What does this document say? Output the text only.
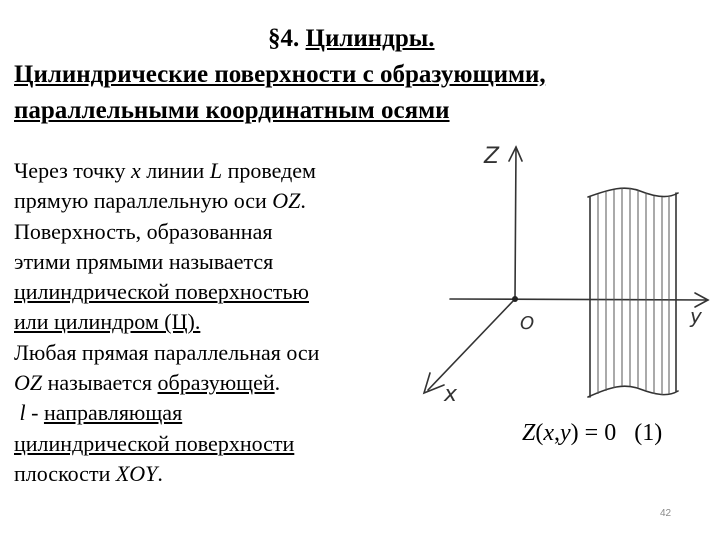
§4. Цилиндры.
Цилиндрические поверхности с образующими,
параллельными координатным осями

Через точку x линии L проведем

прямую параллельную оси OZ.

Поверхность, образованная

этими прямыми называется

цилиндрической поверхностью

или цилиндром (Ц).

Любая прямая параллельная оси

OZ называется образующей.

l - направляющая

цилиндрической поверхности

плоскости XOY.

Z
y
x
O
Z(x,y) = 0   (1)
42
